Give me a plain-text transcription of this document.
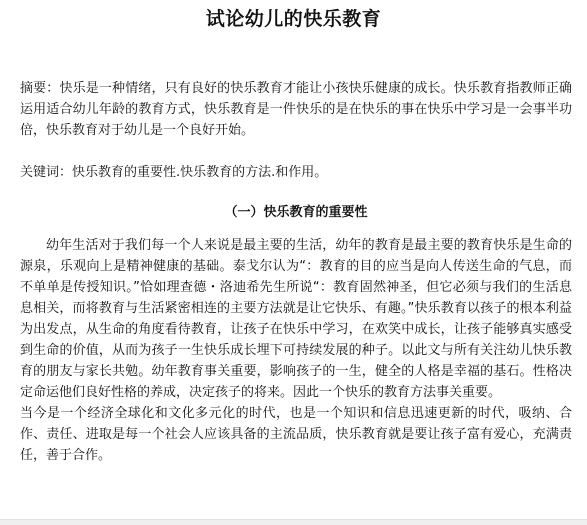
试论幼儿的快乐教育

摘要：快乐是一种情绪，只有良好的快乐教育才能让小孩快乐健康的成长。快乐教育指教师正确运用适合幼儿年龄的教育方式，快乐教育是一件快乐的是在快乐的事在快乐中学习是一会事半功倍，快乐教育对于幼儿是一个良好开始。

关键词：快乐教育的重要性.快乐教育的方法.和作用。

（一）快乐教育的重要性

幼年生活对于我们每一个人来说是最主要的生活，幼年的教育是最主要的教育快乐是生命的源泉，乐观向上是精神健康的基础。泰戈尔认为“：教育的目的应当是向人传送生命的气息，而不单单是传授知识。”恰如理查德・洛迪希先生所说“：教育固然神圣，但它必须与我们的生活息息相关，而将教育与生活紧密相连的主要方法就是让它快乐、有趣。”快乐教育以孩子的根本利益为出发点，从生命的角度看待教育，让孩子在快乐中学习，在欢笑中成长，让孩子能够真实感受到生命的价值，从而为孩子一生快乐成长埋下可持续发展的种子。以此文与所有关注幼儿快乐教育的朋友与家长共勉。幼年教育事关重要，影响孩子的一生，健全的人格是幸福的基石。性格决定命运他们良好性格的养成，决定孩子的将来。因此一个快乐的教育方法事关重要。

当今是一个经济全球化和文化多元化的时代，也是一个知识和信息迅速更新的时代，吸纳、合作、责任、进取是每一个社会人应该具备的主流品质，快乐教育就是要让孩子富有爱心，充满责任，善于合作。
